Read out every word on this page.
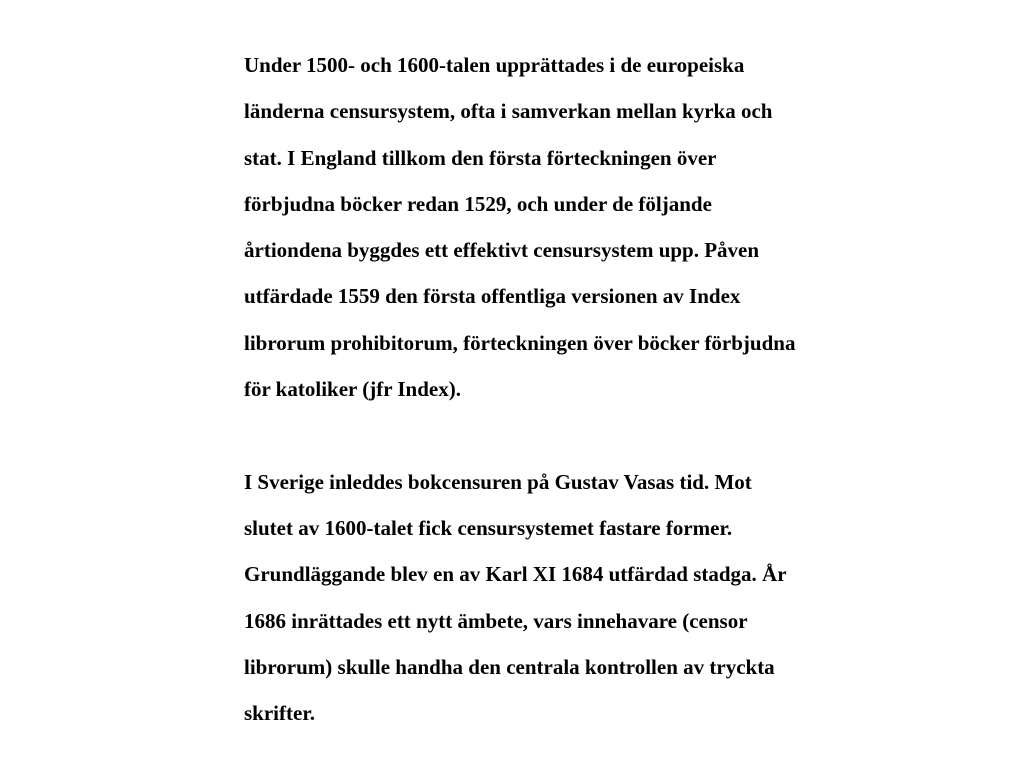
Under 1500- och 1600-talen upprättades i de europeiska
länderna censursystem, ofta i samverkan mellan kyrka och
stat. I England tillkom den första förteckningen över
förbjudna böcker redan 1529, och under de följande
årtiondena byggdes ett effektivt censursystem upp. Påven
utfärdade 1559 den första offentliga versionen av Index
librorum prohibitorum, förteckningen över böcker förbjudna
för katoliker (jfr Index).
I Sverige inleddes bokcensuren på Gustav Vasas tid. Mot
slutet av 1600-talet fick censursystemet fastare former.
Grundläggande blev en av Karl XI 1684 utfärdad stadga. År
1686 inrättades ett nytt ämbete, vars innehavare (censor
librorum) skulle handha den centrala kontrollen av tryckta
skrifter.
